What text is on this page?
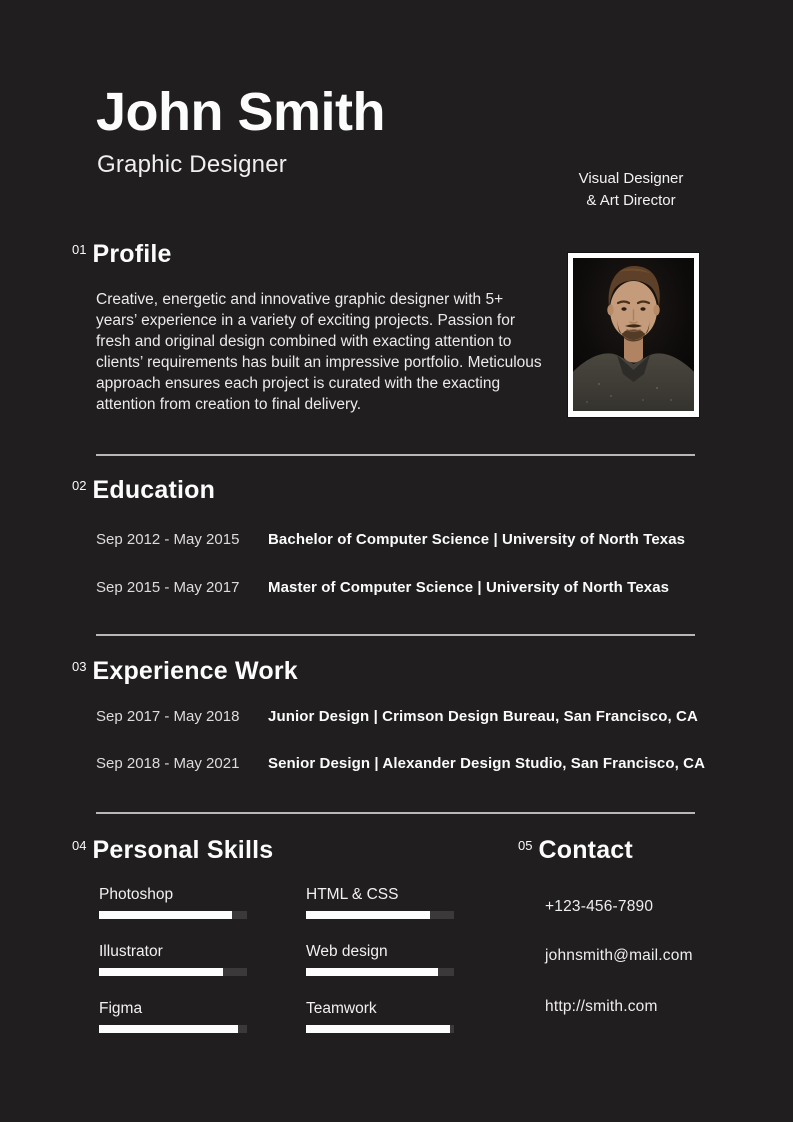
John Smith
Graphic Designer
Visual Designer
& Art Director
01 Profile
Creative, energetic and innovative graphic designer with 5+ years’ experience in a variety of exciting projects. Passion for fresh and original design combined with exacting attention to clients’ requirements has built an impressive portfolio. Meticulous approach ensures each project is curated with the exacting attention from creation to final delivery.
02 Education
Sep 2012 - May 2015	Bachelor of Computer Science | University of North Texas
Sep 2015 - May 2017	Master of Computer Science | University of North Texas
03 Experience Work
Sep 2017 - May 2018	Junior Design | Crimson Design Bureau, San Francisco, CA
Sep 2018 - May 2021	Senior Design | Alexander Design Studio, San Francisco, CA
04 Personal Skills
Photoshop
Illustrator
Figma
HTML & CSS
Web design
Teamwork
05 Contact
+123-456-7890
johnsmith@mail.com
http://smith.com
